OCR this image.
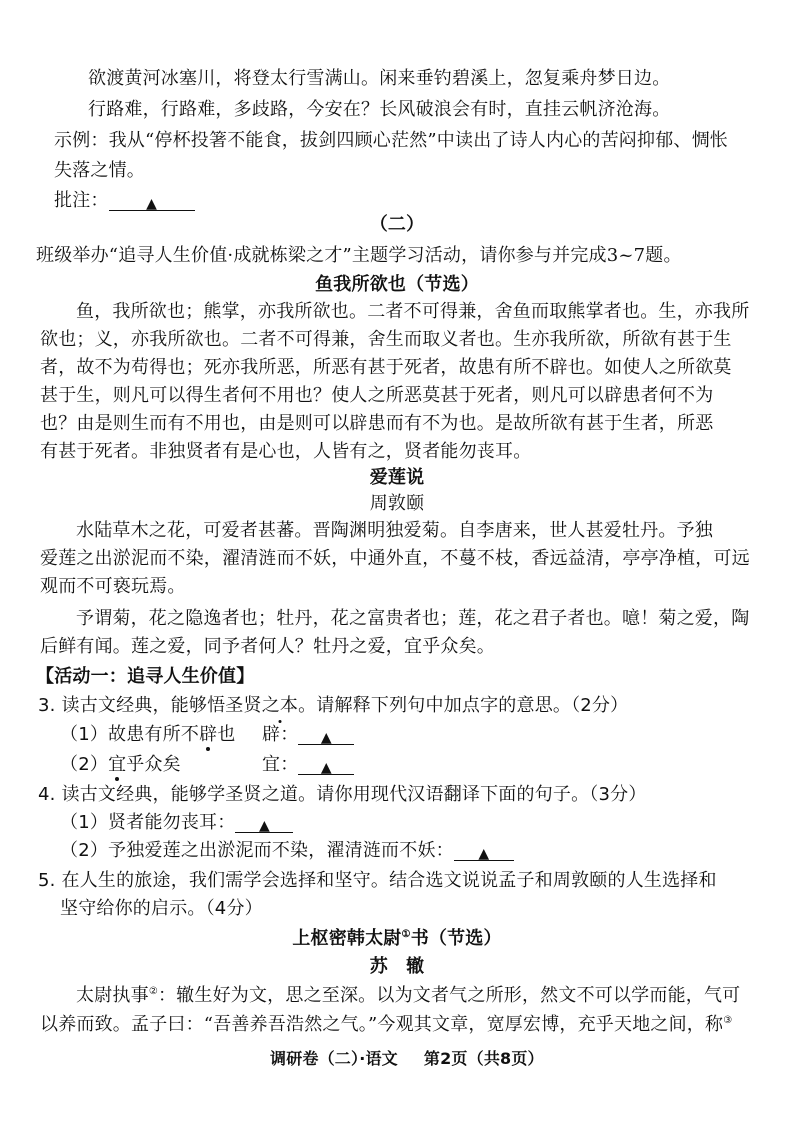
欲渡黄河冰塞川，将登太行雪满山。闲来垂钓碧溪上，忽复乘舟梦日边。
行路难，行路难，多歧路，今安在？长风破浪会有时，直挂云帆济沧海。
示例：我从“停杯投箸不能食，拔剑四顾心茫然”中读出了诗人内心的苦闷抑郁、惆怅
失落之情。
批注：	▲
（二）
班级举办“追寻人生价值·成就栋梁之才”主题学习活动，请你参与并完成3~7题。
鱼我所欲也（节选）
鱼，我所欲也；熊掌，亦我所欲也。二者不可得兼，舍鱼而取熊掌者也。生，亦我所
欲也；义，亦我所欲也。二者不可得兼，舍生而取义者也。生亦我所欲，所欲有甚于生
者，故不为苟得也；死亦我所恶，所恶有甚于死者，故患有所不辟也。如使人之所欲莫
甚于生，则凡可以得生者何不用也？使人之所恶莫甚于死者，则凡可以辟患者何不为
也？由是则生而有不用也，由是则可以辟患而有不为也。是故所欲有甚于生者，所恶
有甚于死者。非独贤者有是心也，人皆有之，贤者能勿丧耳。
爱莲说
周敦颐
水陆草木之花，可爱者甚蕃。晋陶渊明独爱菊。自李唐来，世人甚爱牡丹。予独
爱莲之出淤泥而不染，濯清涟而不妖，中通外直，不蔓不枝，香远益清，亭亭净植，可远
观而不可亵玩焉。
予谓菊，花之隐逸者也；牡丹，花之富贵者也；莲，花之君子者也。噫！菊之爱，陶
后鲜有闻。莲之爱，同予者何人？牡丹之爱，宜乎众矣。
【活动一：追寻人生价值】
3. 读古文经典，能够悟圣贤之本。请解释下列句中加点字的意思。（2分）
（1）故患有所不辟也 辟： ▲
（2）宜乎众矣	宜： ▲
4. 读古文经典，能够学圣贤之道。请你用现代汉语翻译下面的句子。（3分）
（1）贤者能勿丧耳： ▲
（2）予独爱莲之出淤泥而不染，濯清涟而不妖： ▲
5. 在人生的旅途，我们需学会选择和坚守。结合选文说说孟子和周敦颐的人生选择和
坚守给你的启示。（4分）
上枢密韩太尉①书（节选）
苏　辙
太尉执事②：辙生好为文，思之至深。以为文者气之所形，然文不可以学而能，气可
以养而致。孟子曰：“吾善养吾浩然之气。”今观其文章，宽厚宏博，充乎天地之间，称③
调研卷（二）·语文 第2页（共8页）
